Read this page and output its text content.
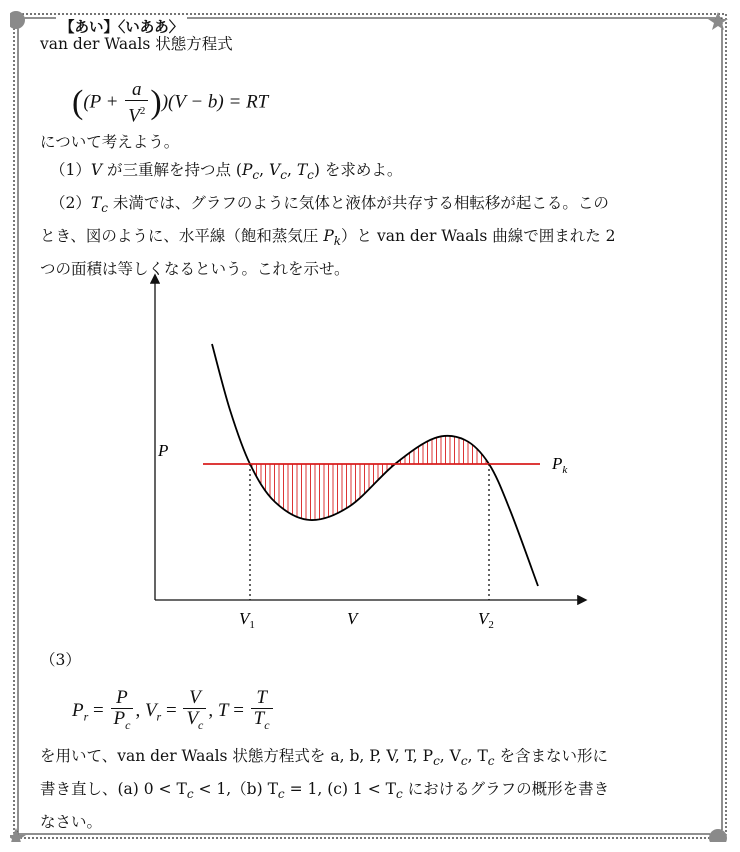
【あい】〈いああ〉

van der Waals 状態方程式

$((P + \frac{a}{V^2} ))(V - b)$ = RT

について考えよう。

（1）V が三重解を持つ点 ($P_c$, $V_c$, $T_c$) を求めよ。

$(2)T_c$ 未満では、グラフのように気体と液体が共存する相転移が起こる。この

とき、図のように、水平線（飽和蒸気圧 $P_k$）と van der Waals 曲線で囲まれた 2

つの面積は等しくなるという。これを示せ。

P
$P_k$
$V_1$	V	$V_2$

（3）

$P_r = \frac{P}{P_c}$ , $V_r = \frac{V}{V_c}$ , $T = \frac{T}{T_c}$

を用いて、van der Waals 状態方程式を a, b, P, V, T, $P_c$, $V_c$, $T_c$ を含まない形に

書き直し、(a) $0 < T_c < 1,(b)$ $T_c = 1$, (c) $1 < T_c$ におけるグラフの概形を書き

なさい。
